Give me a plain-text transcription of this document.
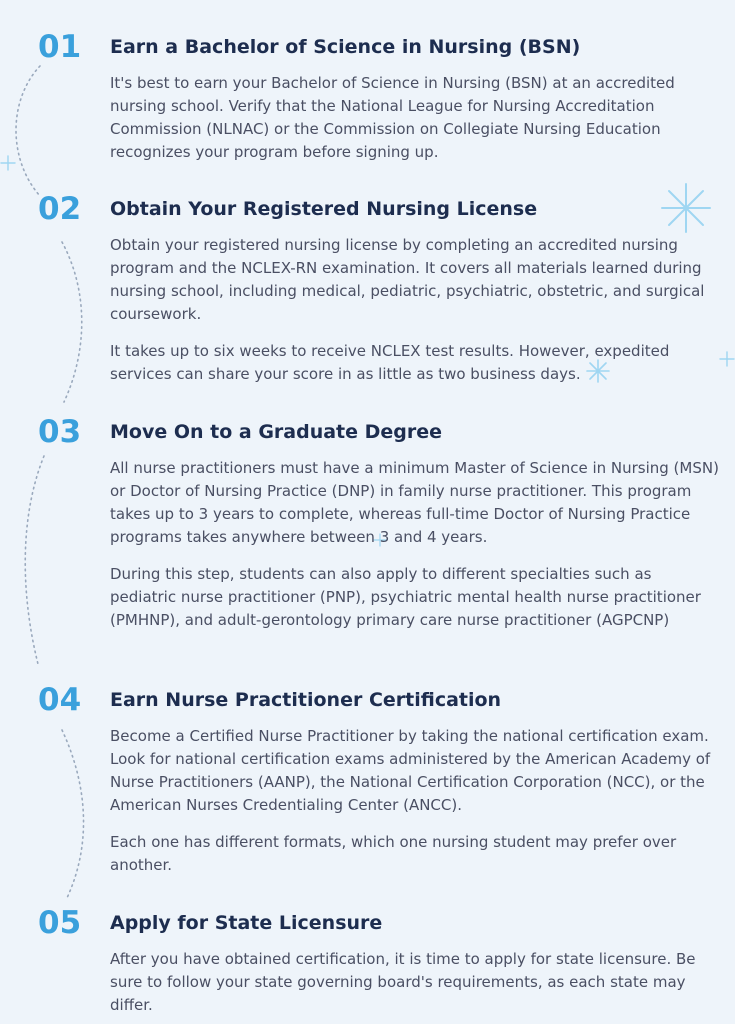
01 Earn a Bachelor of Science in Nursing (BSN)

It's best to earn your Bachelor of Science in Nursing (BSN) at an accredited nursing school. Verify that the National League for Nursing Accreditation Commission (NLNAC) or the Commission on Collegiate Nursing Education recognizes your program before signing up.

02 Obtain Your Registered Nursing License

Obtain your registered nursing license by completing an accredited nursing program and the NCLEX-RN examination. It covers all materials learned during nursing school, including medical, pediatric, psychiatric, obstetric, and surgical coursework.

It takes up to six weeks to receive NCLEX test results. However, expedited services can share your score in as little as two business days.

03 Move On to a Graduate Degree

All nurse practitioners must have a minimum Master of Science in Nursing (MSN) or Doctor of Nursing Practice (DNP) in family nurse practitioner. This program takes up to 3 years to complete, whereas full-time Doctor of Nursing Practice programs takes anywhere between 3 and 4 years.

During this step, students can also apply to different specialties such as pediatric nurse practitioner (PNP), psychiatric mental health nurse practitioner (PMHNP), and adult-gerontology primary care nurse practitioner (AGPCNP)

04 Earn Nurse Practitioner Certification

Become a Certified Nurse Practitioner by taking the national certification exam. Look for national certification exams administered by the American Academy of Nurse Practitioners (AANP), the National Certification Corporation (NCC), or the American Nurses Credentialing Center (ANCC).

Each one has different formats, which one nursing student may prefer over another.

05 Apply for State Licensure

After you have obtained certification, it is time to apply for state licensure. Be sure to follow your state governing board's requirements, as each state may differ.
